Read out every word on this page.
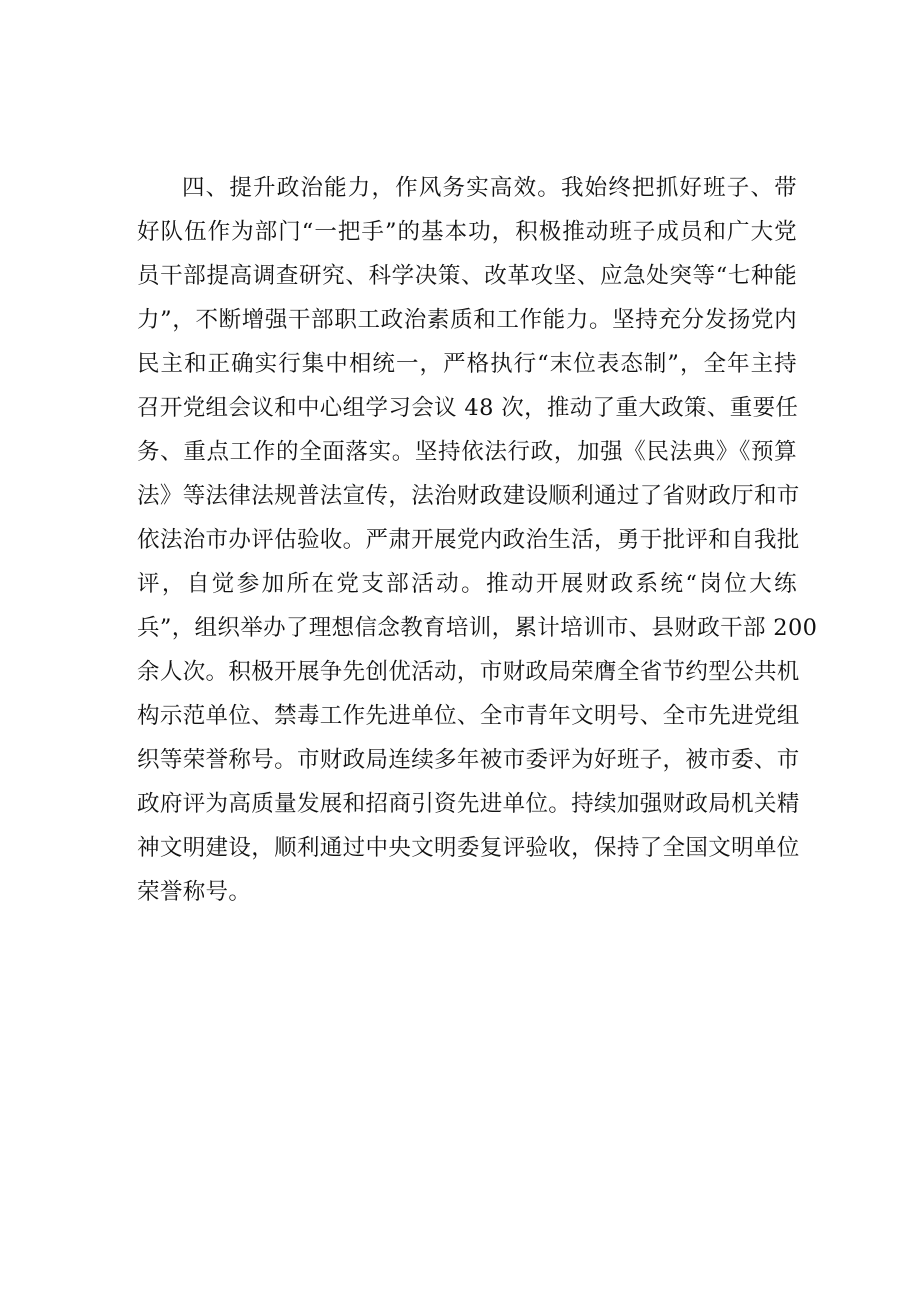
四、提升政治能力，作风务实高效。我始终把抓好班子、带
好队伍作为部门“一把手”的基本功，积极推动班子成员和广大党
员干部提高调查研究、科学决策、改革攻坚、应急处突等“七种能
力”，不断增强干部职工政治素质和工作能力。坚持充分发扬党内
民主和正确实行集中相统一，严格执行“末位表态制”，全年主持
召开党组会议和中心组学习会议 48 次，推动了重大政策、重要任
务、重点工作的全面落实。坚持依法行政，加强《民法典》《预算
法》等法律法规普法宣传，法治财政建设顺利通过了省财政厅和市
依法治市办评估验收。严肃开展党内政治生活，勇于批评和自我批
评，自觉参加所在党支部活动。推动开展财政系统“岗位大练
兵”，组织举办了理想信念教育培训，累计培训市、县财政干部 200
余人次。积极开展争先创优活动，市财政局荣膺全省节约型公共机
构示范单位、禁毒工作先进单位、全市青年文明号、全市先进党组
织等荣誉称号。市财政局连续多年被市委评为好班子，被市委、市
政府评为高质量发展和招商引资先进单位。持续加强财政局机关精
神文明建设，顺利通过中央文明委复评验收，保持了全国文明单位
荣誉称号。
